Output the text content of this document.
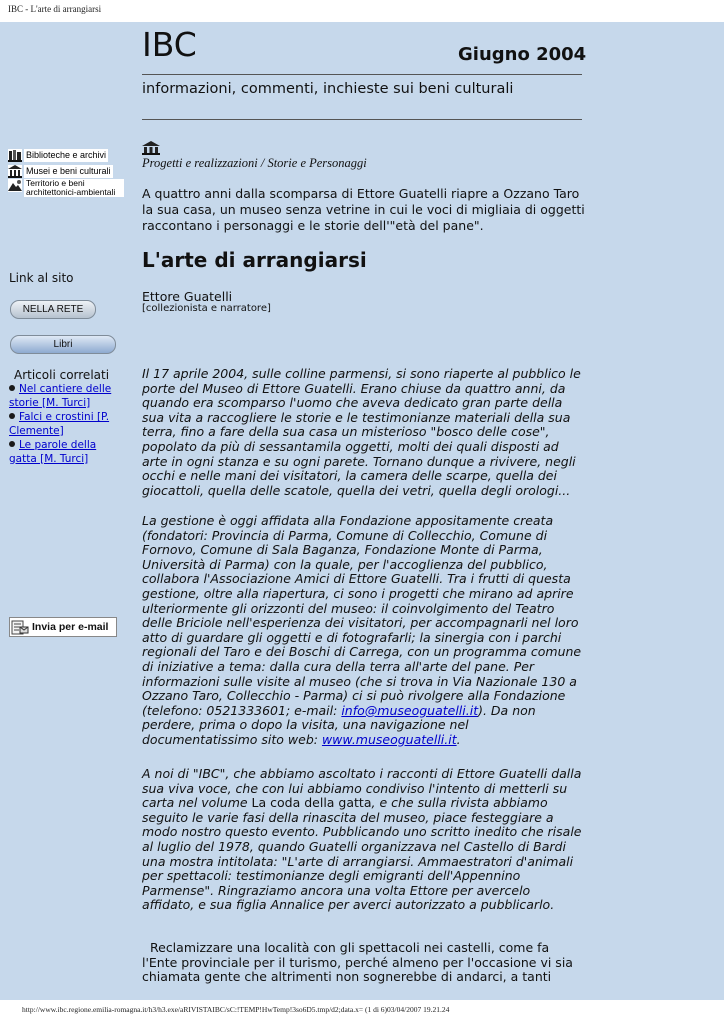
IBC - L'arte di arrangiarsi
IBC	Giugno 2004
informazioni, commenti, inchieste sui beni culturali
Biblioteche e archivi
Musei e beni culturali
Territorio e beni architettonici-ambientali
Link al sito
NELLA RETE
Libri
Articoli correlati
Nel cantiere delle storie [M. Turci]
Falci e crostini [P. Clemente]
Le parole della gatta [M. Turci]
Invia per e-mail
Progetti e realizzazioni / Storie e Personaggi
A quattro anni dalla scomparsa di Ettore Guatelli riapre a Ozzano Taro la sua casa, un museo senza vetrine in cui le voci di migliaia di oggetti raccontano i personaggi e le storie dell'"età del pane".
L'arte di arrangiarsi
Ettore Guatelli
[collezionista e narratore]
Il 17 aprile 2004, sulle colline parmensi, si sono riaperte al pubblico le porte del Museo di Ettore Guatelli. Erano chiuse da quattro anni, da quando era scomparso l'uomo che aveva dedicato gran parte della sua vita a raccogliere le storie e le testimonianze materiali della sua terra, fino a fare della sua casa un misterioso "bosco delle cose", popolato da più di sessantamila oggetti, molti dei quali disposti ad arte in ogni stanza e su ogni parete. Tornano dunque a rivivere, negli occhi e nelle mani dei visitatori, la camera delle scarpe, quella dei giocattoli, quella delle scatole, quella dei vetri, quella degli orologi...
La gestione è oggi affidata alla Fondazione appositamente creata (fondatori: Provincia di Parma, Comune di Collecchio, Comune di Fornovo, Comune di Sala Baganza, Fondazione Monte di Parma, Università di Parma) con la quale, per l'accoglienza del pubblico, collabora l'Associazione Amici di Ettore Guatelli. Tra i frutti di questa gestione, oltre alla riapertura, ci sono i progetti che mirano ad aprire ulteriormente gli orizzonti del museo: il coinvolgimento del Teatro delle Briciole nell'esperienza dei visitatori, per accompagnarli nel loro atto di guardare gli oggetti e di fotografarli; la sinergia con i parchi regionali del Taro e dei Boschi di Carrega, con un programma comune di iniziative a tema: dalla cura della terra all'arte del pane. Per informazioni sulle visite al museo (che si trova in Via Nazionale 130 a Ozzano Taro, Collecchio - Parma) ci si può rivolgere alla Fondazione (telefono: 0521333601; e-mail: info@museoguatelli.it). Da non perdere, prima o dopo la visita, una navigazione nel documentatissimo sito web: www.museoguatelli.it.
A noi di "IBC", che abbiamo ascoltato i racconti di Ettore Guatelli dalla sua viva voce, che con lui abbiamo condiviso l'intento di metterli su carta nel volume La coda della gatta, e che sulla rivista abbiamo seguito le varie fasi della rinascita del museo, piace festeggiare a modo nostro questo evento. Pubblicando uno scritto inedito che risale al luglio del 1978, quando Guatelli organizzava nel Castello di Bardi una mostra intitolata: "L'arte di arrangiarsi. Ammaestratori d'animali per spettacoli: testimonianze degli emigranti dell'Appennino Parmense". Ringraziamo ancora una volta Ettore per avercelo affidato, e sua figlia Annalice per averci autorizzato a pubblicarlo.
Reclamizzare una località con gli spettacoli nei castelli, come fa l'Ente provinciale per il turismo, perché almeno per l'occasione vi sia chiamata gente che altrimenti non sognerebbe di andarci, a tanti
http://www.ibc.regione.emilia-romagna.it/h3/h3.exe/aRIVISTAIBC/sC:!TEMP!HwTemp!3so6D5.tmp/d2;data.x= (1 di 6)03/04/2007 19.21.24
